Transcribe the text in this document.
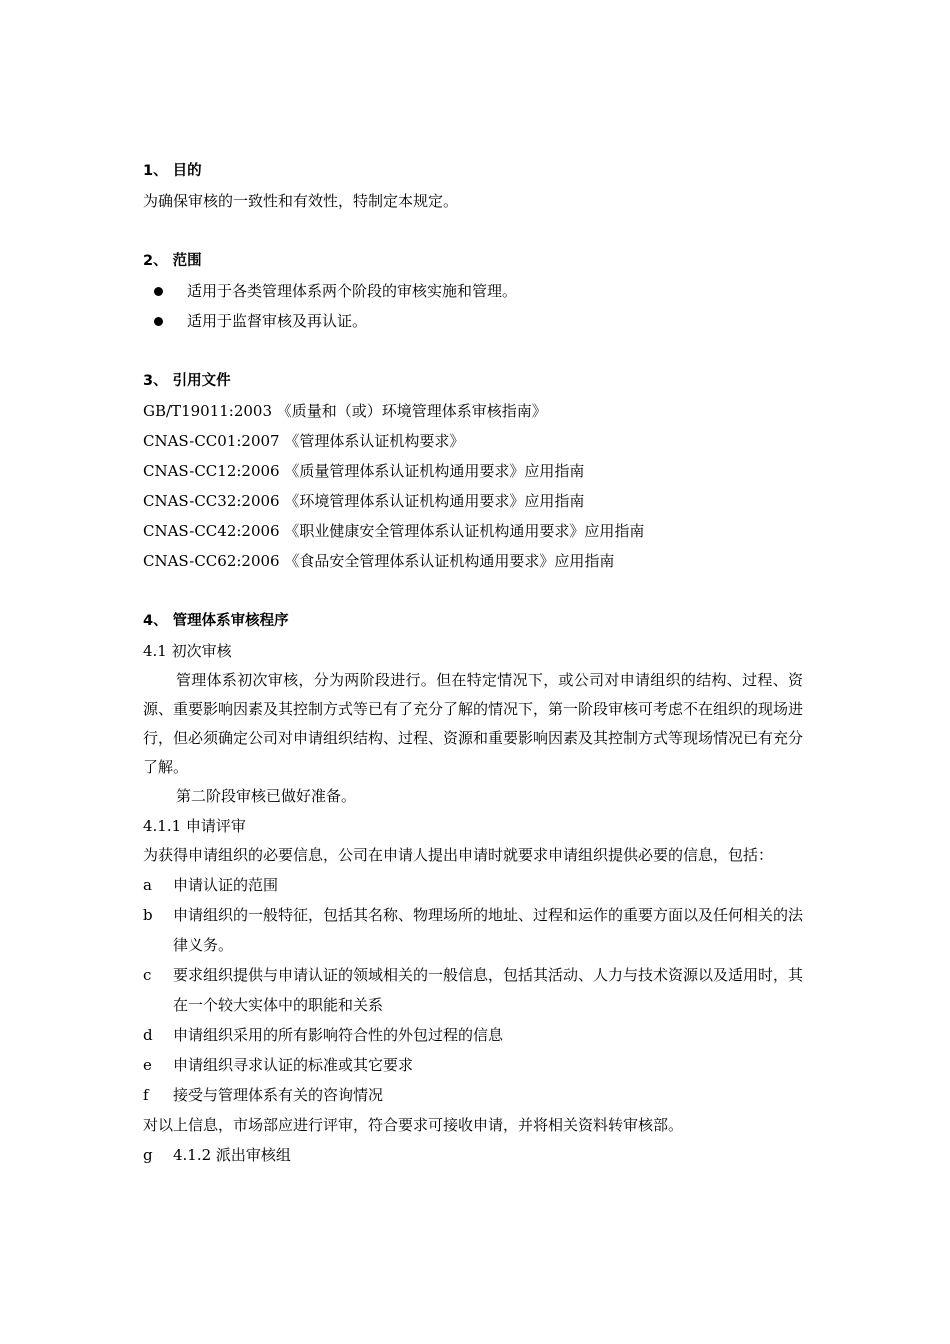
1、 目的
为确保审核的一致性和有效性，特制定本规定。
2、 范围
适用于各类管理体系两个阶段的审核实施和管理。
适用于监督审核及再认证。
3、 引用文件
GB/T19011:2003 《质量和（或）环境管理体系审核指南》
CNAS-CC01:2007 《管理体系认证机构要求》
CNAS-CC12:2006 《质量管理体系认证机构通用要求》应用指南
CNAS-CC32:2006 《环境管理体系认证机构通用要求》应用指南
CNAS-CC42:2006 《职业健康安全管理体系认证机构通用要求》应用指南
CNAS-CC62:2006 《食品安全管理体系认证机构通用要求》应用指南
4、 管理体系审核程序
4.1 初次审核
管理体系初次审核，分为两阶段进行。但在特定情况下，或公司对申请组织的结构、过程、资源、重要影响因素及其控制方式等已有了充分了解的情况下，第一阶段审核可考虑不在组织的现场进行，但必须确定公司对申请组织结构、过程、资源和重要影响因素及其控制方式等现场情况已有充分了解。
第二阶段审核已做好准备。
4.1.1 申请评审
为获得申请组织的必要信息，公司在申请人提出申请时就要求申请组织提供必要的信息，包括：
a	申请认证的范围
b	申请组织的一般特征，包括其名称、物理场所的地址、过程和运作的重要方面以及任何相关的法律义务。
c	要求组织提供与申请认证的领域相关的一般信息，包括其活动、人力与技术资源以及适用时，其在一个较大实体中的职能和关系
d	申请组织采用的所有影响符合性的外包过程的信息
e	申请组织寻求认证的标准或其它要求
f	接受与管理体系有关的咨询情况
对以上信息，市场部应进行评审，符合要求可接收申请，并将相关资料转审核部。
g	4.1.2 派出审核组
